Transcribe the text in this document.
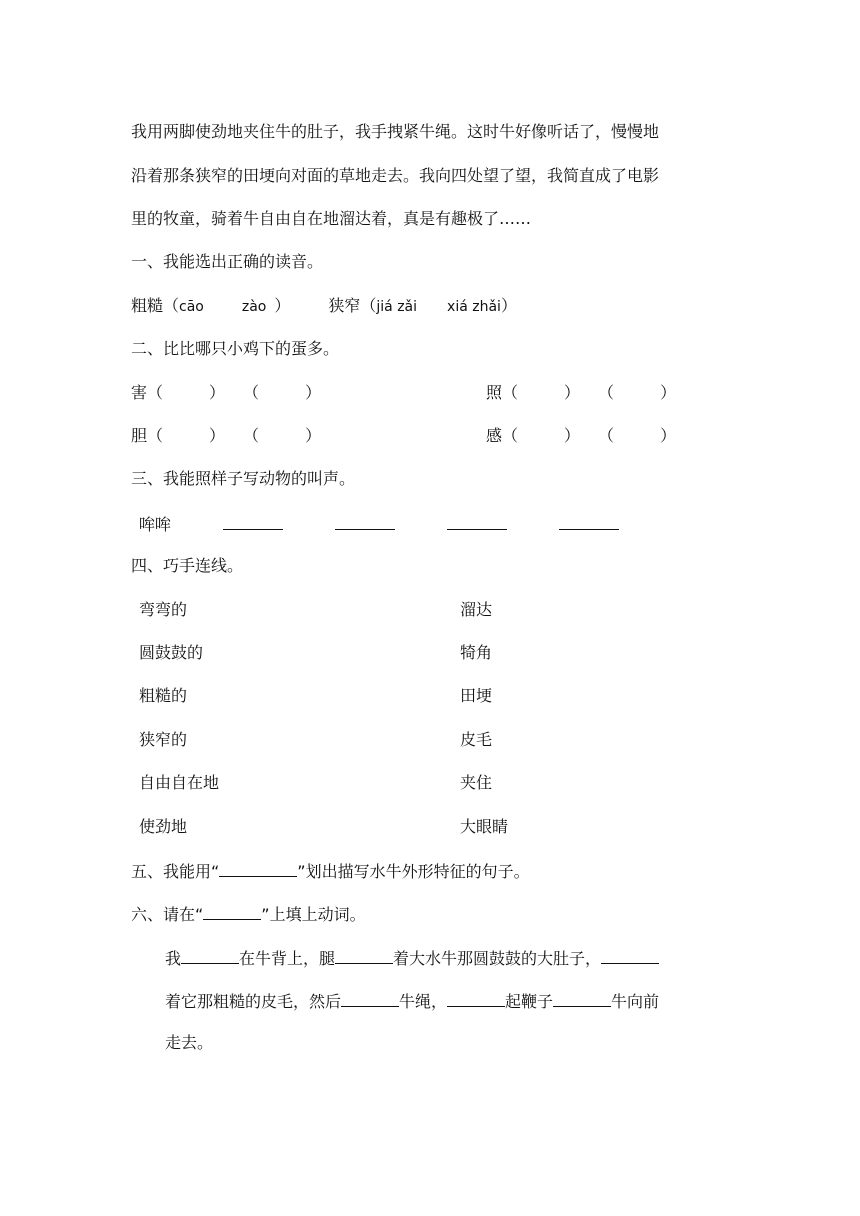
我用两脚使劲地夹住牛的肚子，我手拽紧牛绳。这时牛好像听话了，慢慢地
沿着那条狭窄的田埂向对面的草地走去。我向四处望了望，我简直成了电影
里的牧童，骑着牛自由自在地溜达着，真是有趣极了……
一、我能选出正确的读音。
粗糙（cāo	zào ） 狭窄（jiá zǎi xiá zhǎi）
二、比比哪只小鸡下的蛋多。
害（	） （	）	照（	） （	）
胆（	） （	）	感（	） （	）
三、我能照样子写动物的叫声。
哞哞
四、巧手连线。
弯弯的	溜达
圆鼓鼓的	犄角
粗糙的	田埂
狭窄的	皮毛
自由自在地	夹住
使劲地	大眼睛
五、我能用“	”划出描写水牛外形特征的句子。
六、请在“	”上填上动词。
我	在牛背上，腿	着大水牛那圆鼓鼓的大肚子，
着它那粗糙的皮毛，然后	牛绳，	起鞭子	牛向前
走去。
